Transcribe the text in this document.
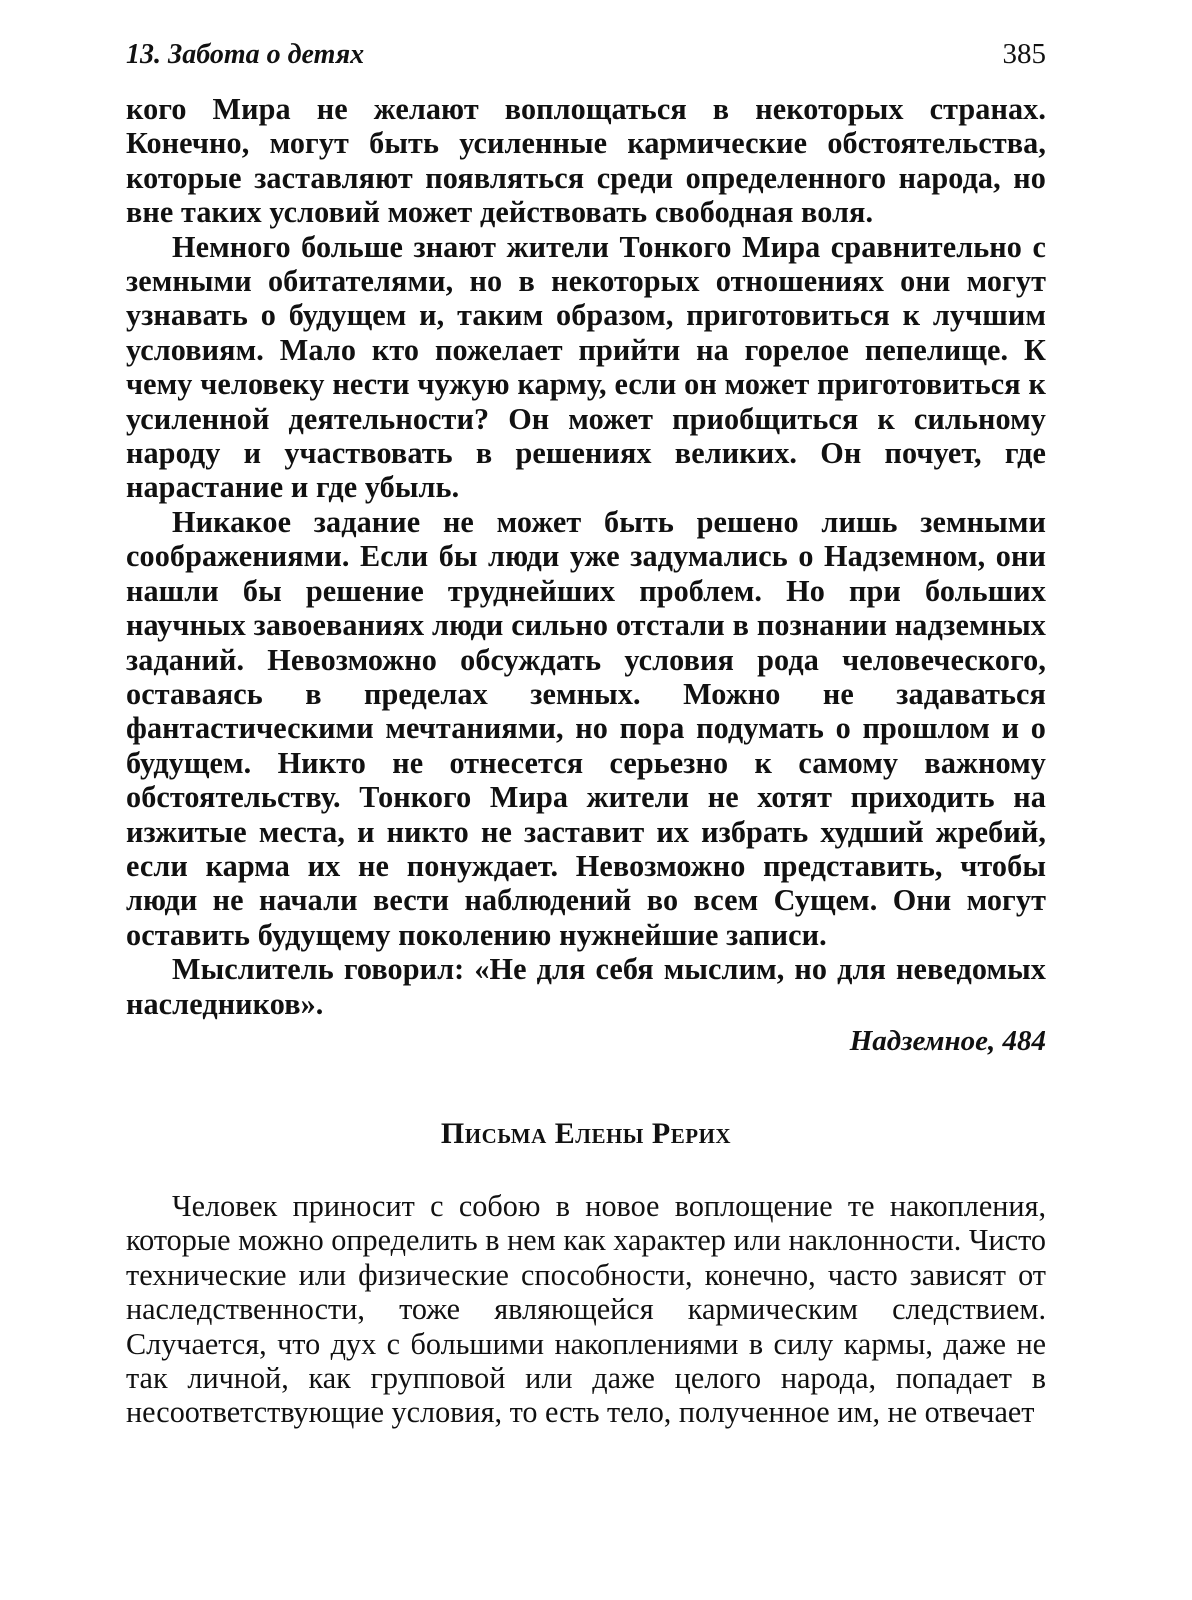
13. Забота о детях	385

кого Мира не желают воплощаться в некоторых странах. Конечно, могут быть усиленные кармические обстоятельства, которые заставляют появляться среди определенного народа, но вне таких условий может действовать свободная воля.

Немного больше знают жители Тонкого Мира сравнительно с земными обитателями, но в некоторых отношениях они могут узнавать о будущем и, таким образом, приготовиться к лучшим условиям. Мало кто пожелает прийти на горелое пепелище. К чему человеку нести чужую карму, если он может приготовиться к усиленной деятельности? Он может приобщиться к сильному народу и участвовать в решениях великих. Он почует, где нарастание и где убыль.

Никакое задание не может быть решено лишь земными соображениями. Если бы люди уже задумались о Надземном, они нашли бы решение труднейших проблем. Но при больших научных завоеваниях люди сильно отстали в познании надземных заданий. Невозможно обсуждать условия рода человеческого, оставаясь в пределах земных. Можно не задаваться фантастическими мечтаниями, но пора подумать о прошлом и о будущем. Никто не отнесется серьезно к самому важному обстоятельству. Тонкого Мира жители не хотят приходить на изжитые места, и никто не заставит их избрать худший жребий, если карма их не понуждает. Невозможно представить, чтобы люди не начали вести наблюдений во всем Сущем. Они могут оставить будущему поколению нужнейшие записи.

Мыслитель говорил: «Не для себя мыслим, но для неведомых наследников».

Надземное, 484
Письма Елены Рерих

Человек приносит с собою в новое воплощение те накопления, которые можно определить в нем как характер или наклонности. Чисто технические или физические способности, конечно, часто зависят от наследственности, тоже являющейся кармическим следствием. Случается, что дух с большими накоплениями в силу кармы, даже не так личной, как групповой или даже целого народа, попадает в несоответствующие условия, то есть тело, полученное им, не отвечает
